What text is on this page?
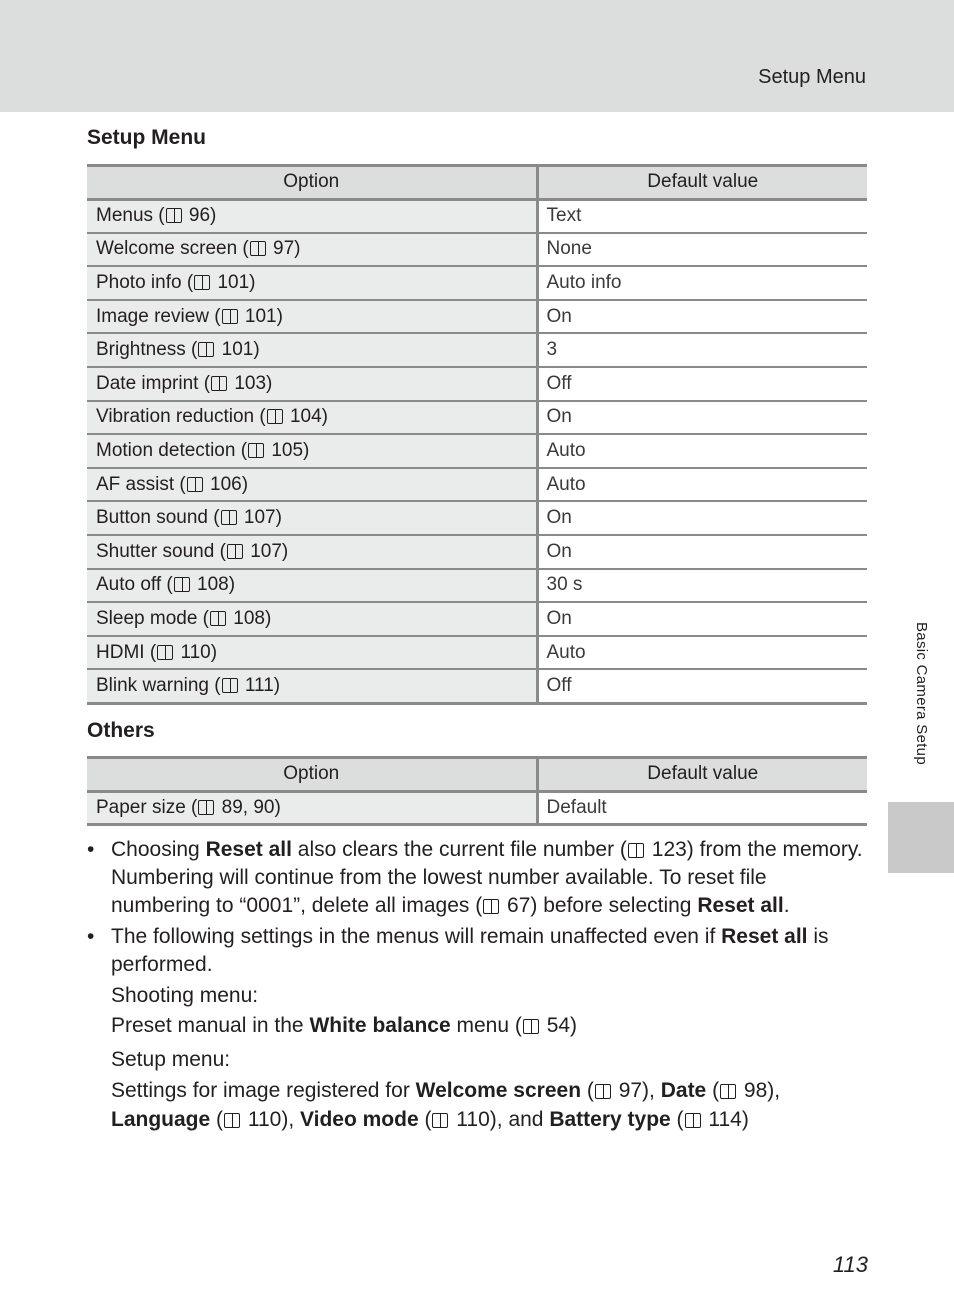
Setup Menu
Setup Menu
Option	Default value
Menus ( 96)	Text
Welcome screen ( 97)	None
Photo info ( 101)	Auto info
Image review ( 101)	On
Brightness ( 101)	3
Date imprint ( 103)	Off
Vibration reduction ( 104)	On
Motion detection ( 105)	Auto
AF assist ( 106)	Auto
Button sound ( 107)	On
Shutter sound ( 107)	On
Auto off ( 108)	30 s
Sleep mode ( 108)	On
HDMI ( 110)	Auto
Blink warning ( 111)	Off
Others
Option	Default value
Paper size ( 89, 90)	Default
• Choosing Reset all also clears the current file number ( 123) from the memory. Numbering will continue from the lowest number available. To reset file numbering to “0001”, delete all images ( 67) before selecting Reset all.
• The following settings in the menus will remain unaffected even if Reset all is performed.
Shooting menu:
Preset manual in the White balance menu ( 54)
Setup menu:
Settings for image registered for Welcome screen ( 97), Date ( 98), Language ( 110), Video mode ( 110), and Battery type ( 114)
Basic Camera Setup
113
